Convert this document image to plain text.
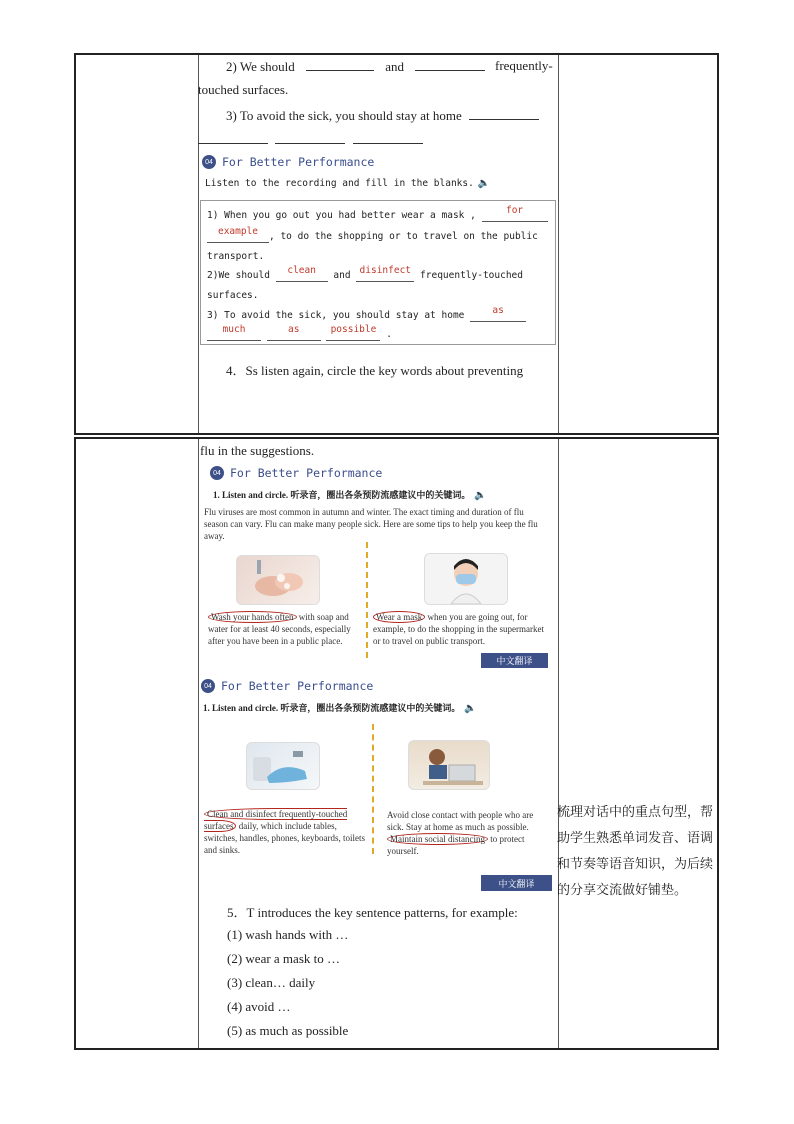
2) We should	and	frequently-
touched surfaces.
3) To avoid the sick, you should stay at home

04 For Better Performance
Listen to the recording and fill in the blanks. 🔈
1) When you go out you had better wear a mask ,	for
example , to do the shopping or to travel on the public
transport.
2)We should clean and disinfect frequently-touched
surfaces.
3) To avoid the sick, you should stay at home	as
much	as	possible .
4．Ss listen again, circle the key words about preventing
flu in the suggestions.
04 For Better Performance
1. Listen and circle. 听录音，圈出各条预防流感建议中的关键词。 🔈
Flu viruses are most common in autumn and winter. The exact timing and duration of flu season can vary. Flu can make many people sick. Here are some tips to help you keep the flu away.
Wash your hands often with soap and water for at least 40 seconds, especially after you have been in a public place.
Wear a mask when you are going out, for example, to do the shopping in the supermarket or to travel on public transport.
中文翻译
04 For Better Performance
1. Listen and circle. 听录音，圈出各条预防流感建议中的关键词。 🔈
Clean and disinfect frequently-touched surfaces daily, which include tables, switches, handles, phones, keyboards, toilets and sinks.
Avoid close contact with people who are sick. Stay at home as much as possible. Maintain social distancing to protect yourself.
中文翻译
5．T introduces the key sentence patterns, for example:
(1) wash hands with …
(2) wear a mask to …
(3) clean… daily
(4) avoid …
(5) as much as possible
梳理对话中的重点句型，帮助学生熟悉单词发音、语调和节奏等语音知识，为后续的分享交流做好铺垫。
